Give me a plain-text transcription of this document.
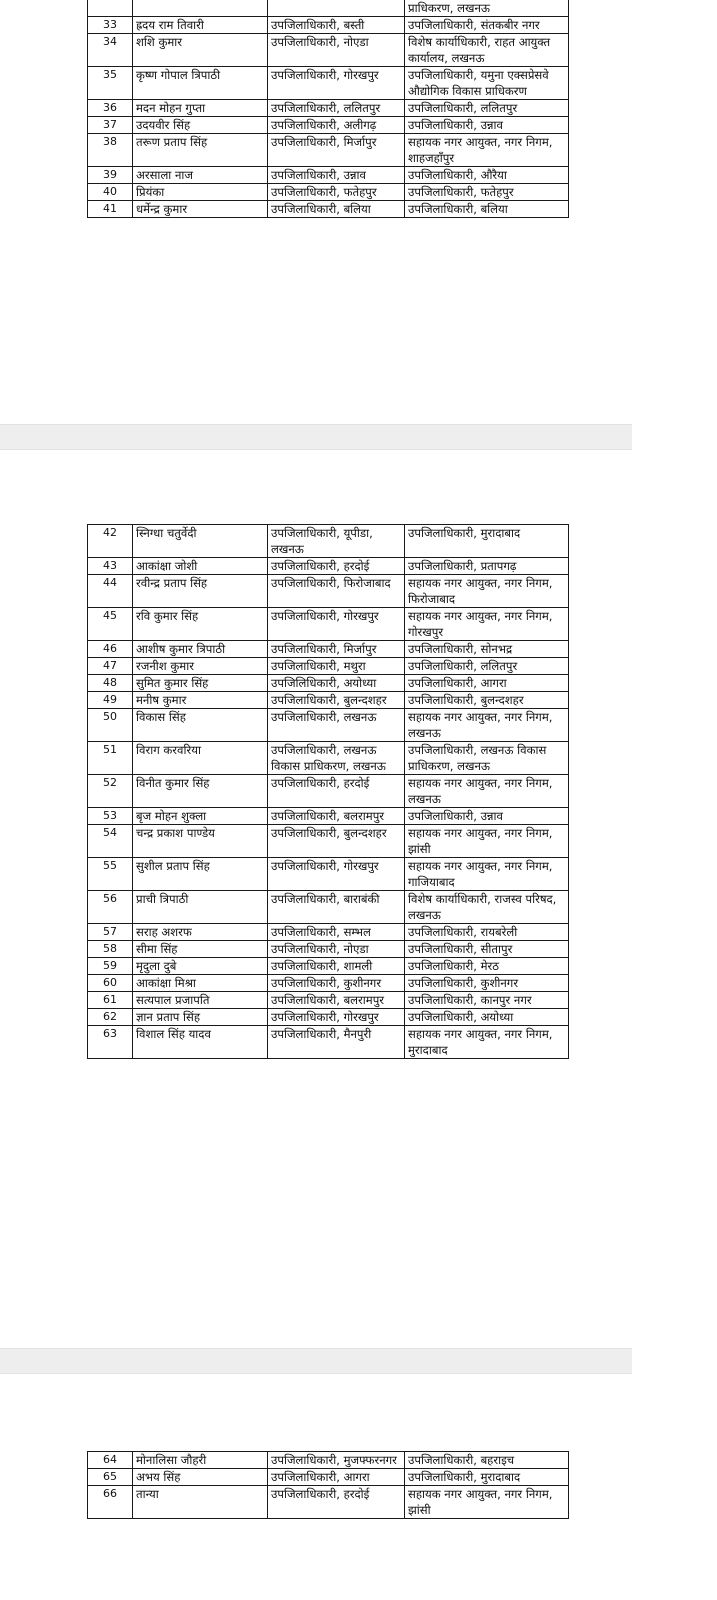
			प्राधिकरण, लखनऊ
33	ह्रदय राम तिवारी	उपजिलाधिकारी, बस्ती	उपजिलाधिकारी, संतकबीर नगर
34	शशि कुमार	उपजिलाधिकारी, नोएडा	विशेष कार्याधिकारी, राहत आयुक्त कार्यालय, लखनऊ
35	कृष्ण गोपाल त्रिपाठी	उपजिलाधिकारी, गोरखपुर	उपजिलाधिकारी, यमुना एक्सप्रेसवे औद्योगिक विकास प्राधिकरण
36	मदन मोहन गुप्ता	उपजिलाधिकारी, ललितपुर	उपजिलाधिकारी, ललितपुर
37	उदयवीर सिंह	उपजिलाधिकारी, अलीगढ़	उपजिलाधिकारी, उन्नाव
38	तरूण प्रताप सिंह	उपजिलाधिकारी, मिर्जापुर	सहायक नगर आयुक्त, नगर निगम, शाहजहाँपुर
39	अरसाला नाज	उपजिलाधिकारी, उन्नाव	उपजिलाधिकारी, औरैया
40	प्रियंका	उपजिलाधिकारी, फतेहपुर	उपजिलाधिकारी, फतेहपुर
41	धर्मेन्द्र कुमार	उपजिलाधिकारी, बलिया	उपजिलाधिकारी, बलिया
42	स्निग्धा चतुर्वेदी	उपजिलाधिकारी, यूपीडा, लखनऊ	उपजिलाधिकारी, मुरादाबाद
43	आकांक्षा जोशी	उपजिलाधिकारी, हरदोई	उपजिलाधिकारी, प्रतापगढ़
44	रवीन्द्र प्रताप सिंह	उपजिलाधिकारी, फिरोजाबाद	सहायक नगर आयुक्त, नगर निगम, फिरोजाबाद
45	रवि कुमार सिंह	उपजिलाधिकारी, गोरखपुर	सहायक नगर आयुक्त, नगर निगम, गोरखपुर
46	आशीष कुमार त्रिपाठी	उपजिलाधिकारी, मिर्जापुर	उपजिलाधिकारी, सोनभद्र
47	रजनीश कुमार	उपजिलाधिकारी, मथुरा	उपजिलाधिकारी, ललितपुर
48	सुमित कुमार सिंह	उपजिलिधिकारी, अयोध्या	उपजिलाधिकारी, आगरा
49	मनीष कुमार	उपजिलाधिकारी, बुलन्दशहर	उपजिलाधिकारी, बुलन्दशहर
50	विकास सिंह	उपजिलाधिकारी, लखनऊ	सहायक नगर आयुक्त, नगर निगम, लखनऊ
51	विराग करवरिया	उपजिलाधिकारी, लखनऊ विकास प्राधिकरण, लखनऊ	उपजिलाधिकारी, लखनऊ विकास प्राधिकरण, लखनऊ
52	विनीत कुमार सिंह	उपजिलाधिकारी, हरदोई	सहायक नगर आयुक्त, नगर निगम, लखनऊ
53	बृज मोहन शुक्ला	उपजिलाधिकारी, बलरामपुर	उपजिलाधिकारी, उन्नाव
54	चन्द्र प्रकाश पाण्डेय	उपजिलाधिकारी, बुलन्दशहर	सहायक नगर आयुक्त, नगर निगम, झांसी
55	सुशील प्रताप सिंह	उपजिलाधिकारी, गोरखपुर	सहायक नगर आयुक्त, नगर निगम, गाजियाबाद
56	प्राची त्रिपाठी	उपजिलाधिकारी, बाराबंकी	विशेष कार्याधिकारी, राजस्व परिषद, लखनऊ
57	सराह अशरफ	उपजिलाधिकारी, सम्भल	उपजिलाधिकारी, रायबरेली
58	सीमा सिंह	उपजिलाधिकारी, नोएडा	उपजिलाधिकारी, सीतापुर
59	मृदुला दुबे	उपजिलाधिकारी, शामली	उपजिलाधिकारी, मेरठ
60	आकांक्षा मिश्रा	उपजिलाधिकारी, कुशीनगर	उपजिलाधिकारी, कुशीनगर
61	सत्यपाल प्रजापति	उपजिलाधिकारी, बलरामपुर	उपजिलाधिकारी, कानपुर नगर
62	ज्ञान प्रताप सिंह	उपजिलाधिकारी, गोरखपुर	उपजिलाधिकारी, अयोध्या
63	विशाल सिंह यादव	उपजिलाधिकारी, मैनपुरी	सहायक नगर आयुक्त, नगर निगम, मुरादाबाद
64	मोनालिसा जौहरी	उपजिलाधिकारी, मुजफ्फरनगर	उपजिलाधिकारी, बहराइच
65	अभय सिंह	उपजिलाधिकारी, आगरा	उपजिलाधिकारी, मुरादाबाद
66	तान्या	उपजिलाधिकारी, हरदोई	सहायक नगर आयुक्त, नगर निगम, झांसी
